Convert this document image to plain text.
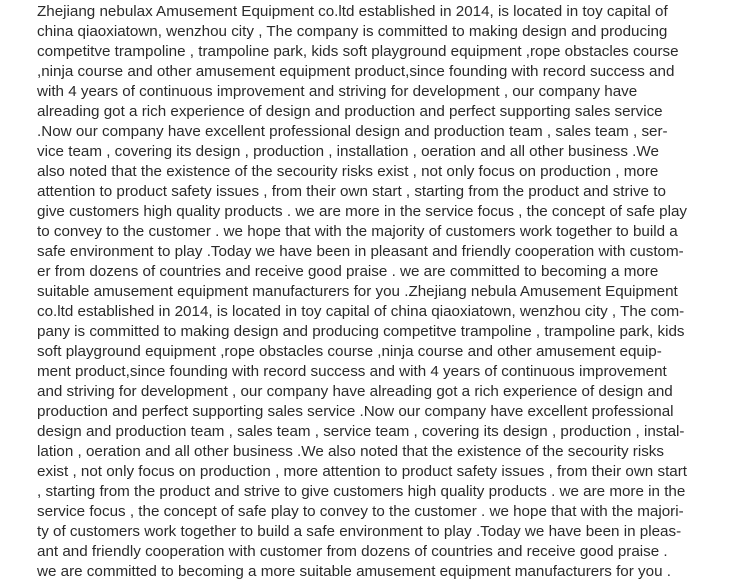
Zhejiang nebulax Amusement Equipment co.ltd established in 2014, is located in toy capital of
china qiaoxiatown, wenzhou city , The company is committed to making design and producing
competitve trampoline , trampoline park, kids soft playground equipment ,rope obstacles course
,ninja course and other amusement equipment product,since founding with record success and
with 4 years of continuous improvement and striving for development , our company have
alreading got a rich experience of design and production and perfect supporting sales service
.Now our company have excellent professional design and production team , sales team , ser-
vice team , covering its design , production , installation , oeration and all other business .We
also noted that the existence of the secourity risks exist , not only focus on production , more
attention to product safety issues , from their own start , starting from the product and strive to
give customers high quality products . we are more in the service focus , the concept of safe play
to convey to the customer . we hope that with the majority of customers work together to build a
safe environment to play .Today we have been in pleasant and friendly cooperation with custom-
er from dozens of countries and receive good praise . we are committed to becoming a more
suitable amusement equipment manufacturers for you .Zhejiang nebula Amusement Equipment
co.ltd established in 2014, is located in toy capital of china qiaoxiatown, wenzhou city , The com-
pany is committed to making design and producing competitve trampoline , trampoline park, kids
soft playground equipment ,rope obstacles course ,ninja course and other amusement equip-
ment product,since founding with record success and with 4 years of continuous improvement
and striving for development , our company have alreading got a rich experience of design and
production and perfect supporting sales service .Now our company have excellent professional
design and production team , sales team , service team , covering its design , production , instal-
lation , oeration and all other business .We also noted that the existence of the secourity risks
exist , not only focus on production , more attention to product safety issues , from their own start
, starting from the product and strive to give customers high quality products . we are more in the
service focus , the concept of safe play to convey to the customer . we hope that with the majori-
ty of customers work together to build a safe environment to play .Today we have been in pleas-
ant and friendly cooperation with customer from dozens of countries and receive good praise .
we are committed to becoming a more suitable amusement equipment manufacturers for you .
